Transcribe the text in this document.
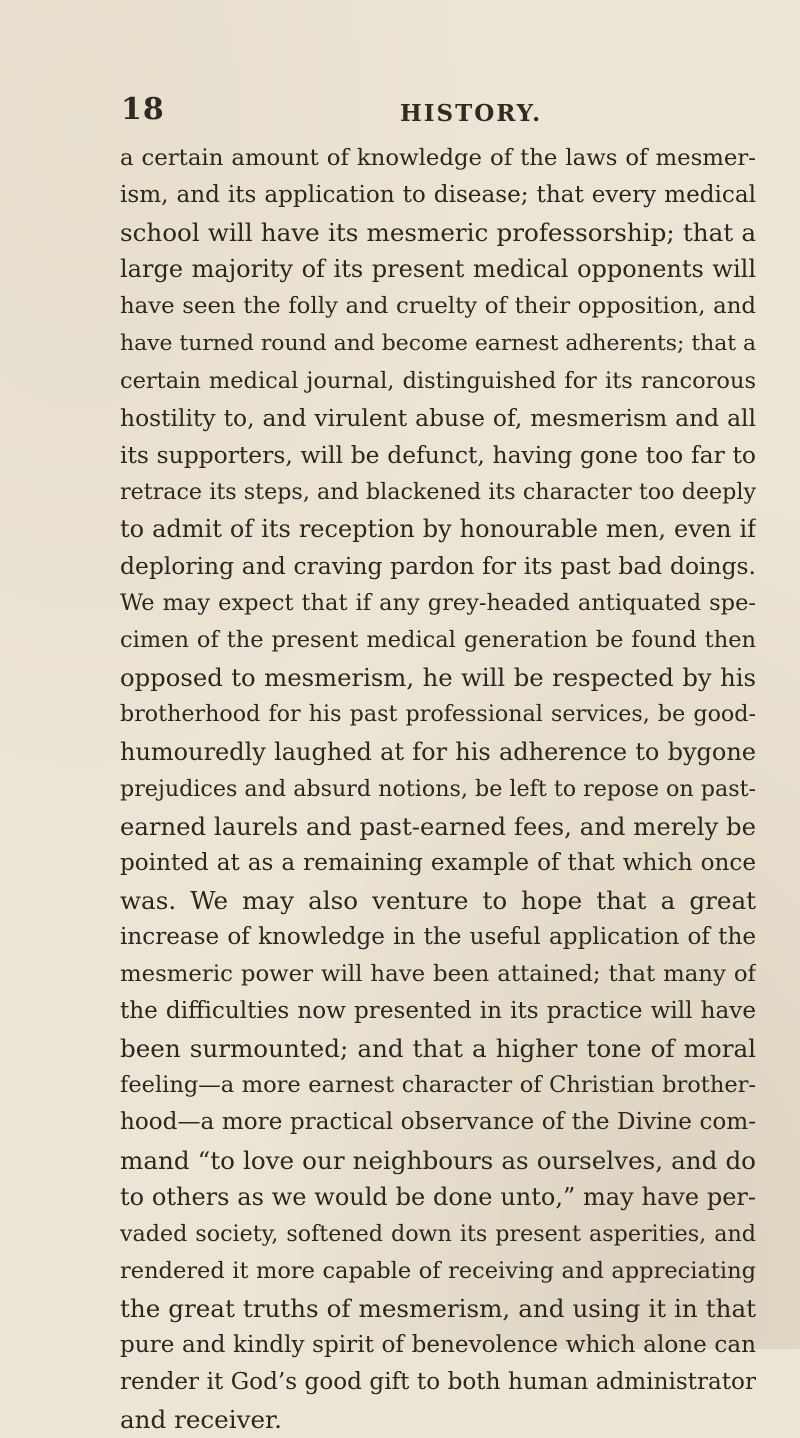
18	HISTORY.
a certain amount of knowledge of the laws of mesmer-
ism, and its application to disease; that every medical
school will have its mesmeric professorship; that a
large majority of its present medical opponents will
have seen the folly and cruelty of their opposition, and
have turned round and become earnest adherents; that a
certain medical journal, distinguished for its rancorous
hostility to, and virulent abuse of, mesmerism and all
its supporters, will be defunct, having gone too far to
retrace its steps, and blackened its character too deeply
to admit of its reception by honourable men, even if
deploring and craving pardon for its past bad doings.
We may expect that if any grey-headed antiquated spe-
cimen of the present medical generation be found then
opposed to mesmerism, he will be respected by his
brotherhood for his past professional services, be good-
humouredly laughed at for his adherence to bygone
prejudices and absurd notions, be left to repose on past-
earned laurels and past-earned fees, and merely be
pointed at as a remaining example of that which once
was. We may also venture to hope that a great
increase of knowledge in the useful application of the
mesmeric power will have been attained; that many of
the difficulties now presented in its practice will have
been surmounted; and that a higher tone of moral
feeling—a more earnest character of Christian brother-
hood—a more practical observance of the Divine com-
mand “to love our neighbours as ourselves, and do
to others as we would be done unto,” may have per-
vaded society, softened down its present asperities, and
rendered it more capable of receiving and appreciating
the great truths of mesmerism, and using it in that
pure and kindly spirit of benevolence which alone can
render it God’s good gift to both human administrator
and receiver.
